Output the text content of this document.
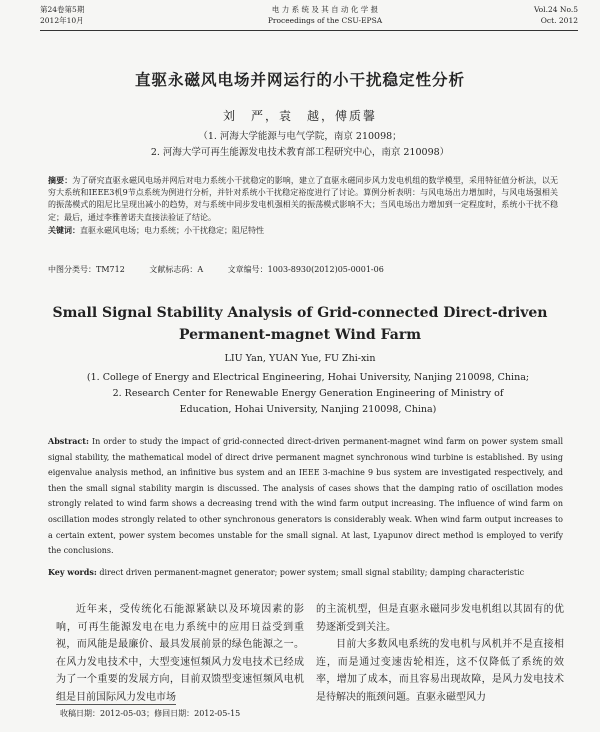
第24卷第5期
2012年10月
电 力 系 统 及 其 自 动 化 学 报
Proceedings of the CSU-EPSA
Vol.24 No.5
Oct. 2012
直驱永磁风电场并网运行的小干扰稳定性分析
刘　严，袁　越，傅质馨
（1. 河海大学能源与电气学院，南京 210098；
2. 河海大学可再生能源发电技术教育部工程研究中心，南京 210098）
摘要：为了研究直驱永磁风电场并网后对电力系统小干扰稳定的影响，建立了直驱永磁同步风力发电机组的数学模型，采用特征值分析法，以无穷大系统和IEEE3机9节点系统为例进行分析，并针对系统小干扰稳定裕度进行了讨论。算例分析表明：与风电场出力增加时，与风电场强相关的振荡模式的阻尼比呈现出减小的趋势，对与系统中同步发电机强相关的振荡模式影响不大；当风电场出力增加到一定程度时，系统小干扰不稳定；最后，通过李雅普诺夫直接法验证了结论。
关键词：直驱永磁风电场；电力系统；小干扰稳定；阻尼特性
中图分类号：TM712	文献标志码：A	文章编号：1003-8930(2012)05-0001-06
Small Signal Stability Analysis of Grid-connected Direct-driven
Permanent-magnet Wind Farm
LIU Yan, YUAN Yue, FU Zhi-xin
(1. College of Energy and Electrical Engineering, Hohai University, Nanjing 210098, China;
2. Research Center for Renewable Energy Generation Engineering of Ministry of
Education, Hohai University, Nanjing 210098, China)
Abstract: In order to study the impact of grid-connected direct-driven permanent-magnet wind farm on power system small signal stability, the mathematical model of direct drive permanent magnet synchronous wind turbine is established. By using eigenvalue analysis method, an infinitive bus system and an IEEE 3-machine 9 bus system are investigated respectively, and then the small signal stability margin is discussed. The analysis of cases shows that the damping ratio of oscillation modes strongly related to wind farm shows a decreasing trend with the wind farm output increasing. The influence of wind farm on oscillation modes strongly related to other synchronous generators is considerably weak. When wind farm output increases to a certain extent, power system becomes unstable for the small signal. At last, Lyapunov direct method is employed to verify the conclusions.
Key words: direct driven permanent-magnet generator; power system; small signal stability; damping characteristic

近年来，受传统化石能源紧缺以及环境因素的影响，可再生能源发电在电力系统中的应用日益受到重视，而风能是最廉价、最具发展前景的绿色能源之一。在风力发电技术中，大型变速恒频风力发电技术已经成为了一个重要的发展方向，目前双馈型变速恒频风电机组是目前国际风力发电市场

的主流机型，但是直驱永磁同步发电机组以其固有的优势逐渐受到关注。

目前大多数风电系统的发电机与风机并不是直接相连，而是通过变速齿轮相连，这不仅降低了系统的效率，增加了成本，而且容易出现故障，是风力发电技术是待解决的瓶颈问题。直驱永磁型风力

收稿日期：2012-05-03；修回日期：2012-05-15
